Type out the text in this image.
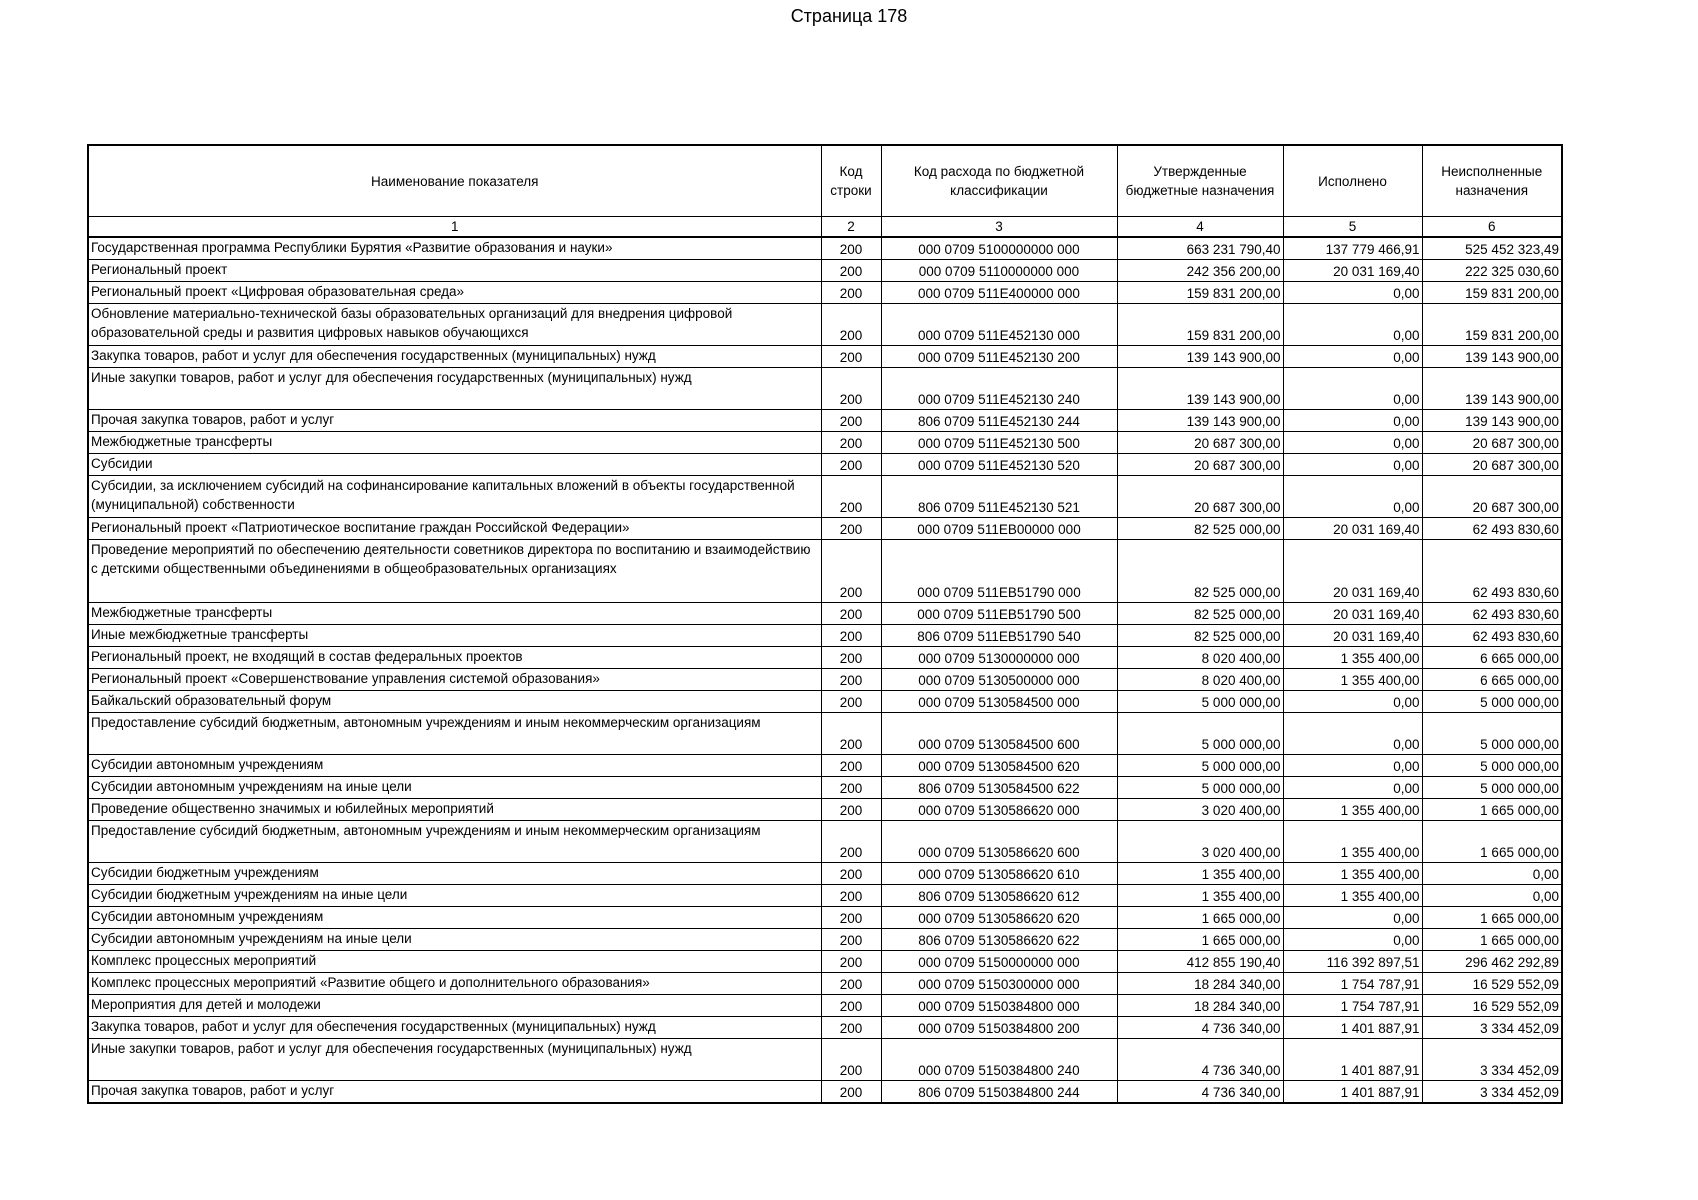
Страница 178
Наименование показателя	Код строки	Код расхода по бюджетной классификации	Утвержденные бюджетные назначения	Исполнено	Неисполненные назначения
1	2	3	4	5	6
Государственная программа Республики Бурятия «Развитие образования и науки»	200	000 0709 5100000000 000	663 231 790,40	137 779 466,91	525 452 323,49
Региональный проект	200	000 0709 5110000000 000	242 356 200,00	20 031 169,40	222 325 030,60
Региональный проект «Цифровая образовательная среда»	200	000 0709 511E400000 000	159 831 200,00	0,00	159 831 200,00
Обновление материально-технической базы образовательных организаций для внедрения цифровой образовательной среды и развития цифровых навыков обучающихся	200	000 0709 511E452130 000	159 831 200,00	0,00	159 831 200,00
Закупка товаров, работ и услуг для обеспечения государственных (муниципальных) нужд	200	000 0709 511E452130 200	139 143 900,00	0,00	139 143 900,00
Иные закупки товаров, работ и услуг для обеспечения государственных (муниципальных) нужд	200	000 0709 511E452130 240	139 143 900,00	0,00	139 143 900,00
Прочая закупка товаров, работ и услуг	200	806 0709 511E452130 244	139 143 900,00	0,00	139 143 900,00
Межбюджетные трансферты	200	000 0709 511E452130 500	20 687 300,00	0,00	20 687 300,00
Субсидии	200	000 0709 511E452130 520	20 687 300,00	0,00	20 687 300,00
Субсидии, за исключением субсидий на софинансирование капитальных вложений в объекты государственной (муниципальной) собственности	200	806 0709 511E452130 521	20 687 300,00	0,00	20 687 300,00
Региональный проект «Патриотическое воспитание граждан Российской Федерации»	200	000 0709 511EB00000 000	82 525 000,00	20 031 169,40	62 493 830,60
Проведение мероприятий по обеспечению деятельности советников директора по воспитанию и взаимодействию с детскими общественными объединениями в общеобразовательных организациях	200	000 0709 511EB51790 000	82 525 000,00	20 031 169,40	62 493 830,60
Межбюджетные трансферты	200	000 0709 511EB51790 500	82 525 000,00	20 031 169,40	62 493 830,60
Иные межбюджетные трансферты	200	806 0709 511EB51790 540	82 525 000,00	20 031 169,40	62 493 830,60
Региональный проект, не входящий в состав федеральных проектов	200	000 0709 5130000000 000	8 020 400,00	1 355 400,00	6 665 000,00
Региональный проект «Совершенствование управления системой образования»	200	000 0709 5130500000 000	8 020 400,00	1 355 400,00	6 665 000,00
Байкальский образовательный форум	200	000 0709 5130584500 000	5 000 000,00	0,00	5 000 000,00
Предоставление субсидий бюджетным, автономным учреждениям и иным некоммерческим организациям	200	000 0709 5130584500 600	5 000 000,00	0,00	5 000 000,00
Субсидии автономным учреждениям	200	000 0709 5130584500 620	5 000 000,00	0,00	5 000 000,00
Субсидии автономным учреждениям на иные цели	200	806 0709 5130584500 622	5 000 000,00	0,00	5 000 000,00
Проведение общественно значимых и юбилейных мероприятий	200	000 0709 5130586620 000	3 020 400,00	1 355 400,00	1 665 000,00
Предоставление субсидий бюджетным, автономным учреждениям и иным некоммерческим организациям	200	000 0709 5130586620 600	3 020 400,00	1 355 400,00	1 665 000,00
Субсидии бюджетным учреждениям	200	000 0709 5130586620 610	1 355 400,00	1 355 400,00	0,00
Субсидии бюджетным учреждениям на иные цели	200	806 0709 5130586620 612	1 355 400,00	1 355 400,00	0,00
Субсидии автономным учреждениям	200	000 0709 5130586620 620	1 665 000,00	0,00	1 665 000,00
Субсидии автономным учреждениям на иные цели	200	806 0709 5130586620 622	1 665 000,00	0,00	1 665 000,00
Комплекс процессных мероприятий	200	000 0709 5150000000 000	412 855 190,40	116 392 897,51	296 462 292,89
Комплекс процессных мероприятий «Развитие общего и дополнительного образования»	200	000 0709 5150300000 000	18 284 340,00	1 754 787,91	16 529 552,09
Мероприятия для детей и молодежи	200	000 0709 5150384800 000	18 284 340,00	1 754 787,91	16 529 552,09
Закупка товаров, работ и услуг для обеспечения государственных (муниципальных) нужд	200	000 0709 5150384800 200	4 736 340,00	1 401 887,91	3 334 452,09
Иные закупки товаров, работ и услуг для обеспечения государственных (муниципальных) нужд	200	000 0709 5150384800 240	4 736 340,00	1 401 887,91	3 334 452,09
Прочая закупка товаров, работ и услуг	200	806 0709 5150384800 244	4 736 340,00	1 401 887,91	3 334 452,09
